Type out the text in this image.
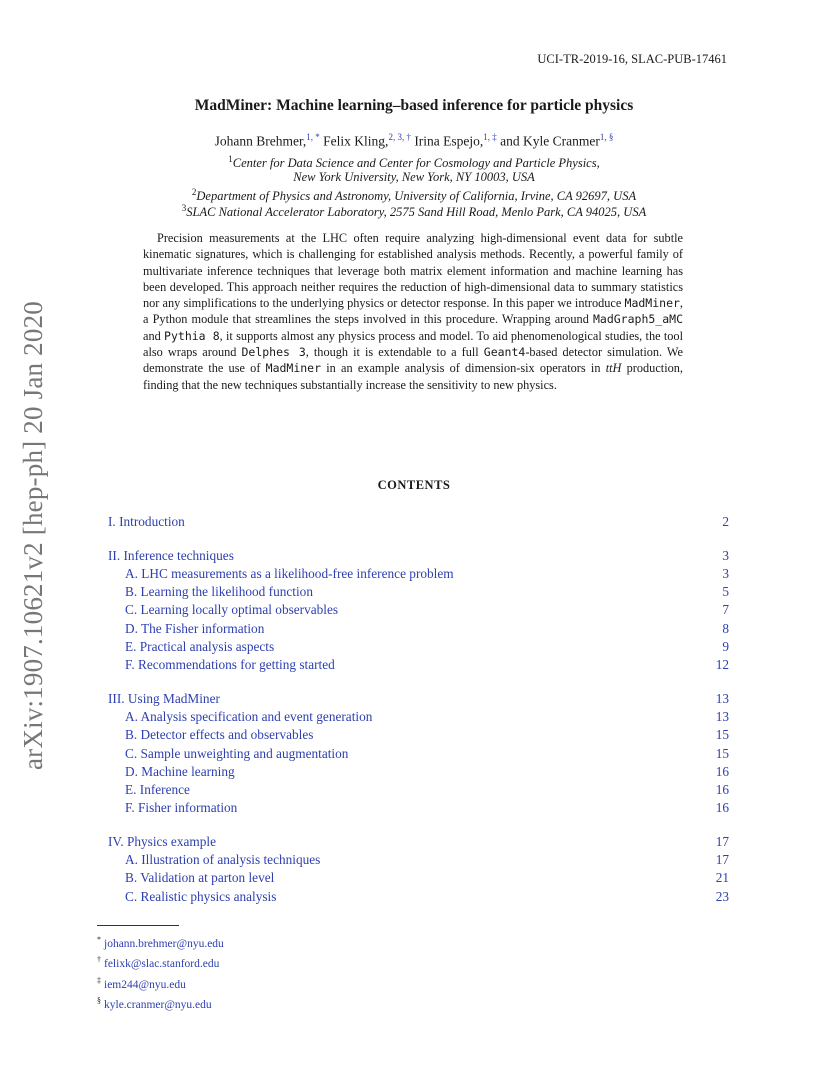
UCI-TR-2019-16, SLAC-PUB-17461
MadMiner: Machine learning–based inference for particle physics
Johann Brehmer,$^{1, *}$ Felix Kling,$^{2, 3, \dagger}$ Irina Espejo,$^{1, \ddagger}$ and Kyle Cranmer$^{1, \S}$
$^1$Center for Data Science and Center for Cosmology and Particle Physics,
New York University, New York, NY 10003, USA
$^2$Department of Physics and Astronomy, University of California, Irvine, CA 92697, USA
$^3$SLAC National Accelerator Laboratory, 2575 Sand Hill Road, Menlo Park, CA 94025, USA

Precision measurements at the LHC often require analyzing high-dimensional event data for subtle kinematic signatures, which is challenging for established analysis methods. Recently, a powerful family of multivariate inference techniques that leverage both matrix element information and machine learning has been developed. This approach neither requires the reduction of high-dimensional data to summary statistics nor any simplifications to the underlying physics or detector response. In this paper we introduce MadMiner, a Python module that streamlines the steps involved in this procedure. Wrapping around MadGraph5_aMC and Pythia 8, it supports almost any physics process and model. To aid phenomenological studies, the tool also wraps around Delphes 3, though it is extendable to a full Geant4-based detector simulation. We demonstrate the use of MadMiner in an example analysis of dimension-six operators in ttH production, finding that the new techniques substantially increase the sensitivity to new physics.

arXiv:1907.10621v2 [hep-ph] 20 Jan 2020	CONTENTS
I. Introduction	2
II. Inference techniques	3
A. LHC measurements as a likelihood-free inference problem	3
B. Learning the likelihood function	5
C. Learning locally optimal observables	7
D. The Fisher information	8
E. Practical analysis aspects	9
F. Recommendations for getting started	12
III. Using MadMiner	13
A. Analysis specification and event generation	13
B. Detector effects and observables	15
C. Sample unweighting and augmentation	15
D. Machine learning	16
E. Inference	16
F. Fisher information	16
IV. Physics example	17
A. Illustration of analysis techniques	17
B. Validation at parton level	21
C. Realistic physics analysis	23
* johann.brehmer@nyu.edu
† felixk@slac.stanford.edu
‡ iem244@nyu.edu
§ kyle.cranmer@nyu.edu
